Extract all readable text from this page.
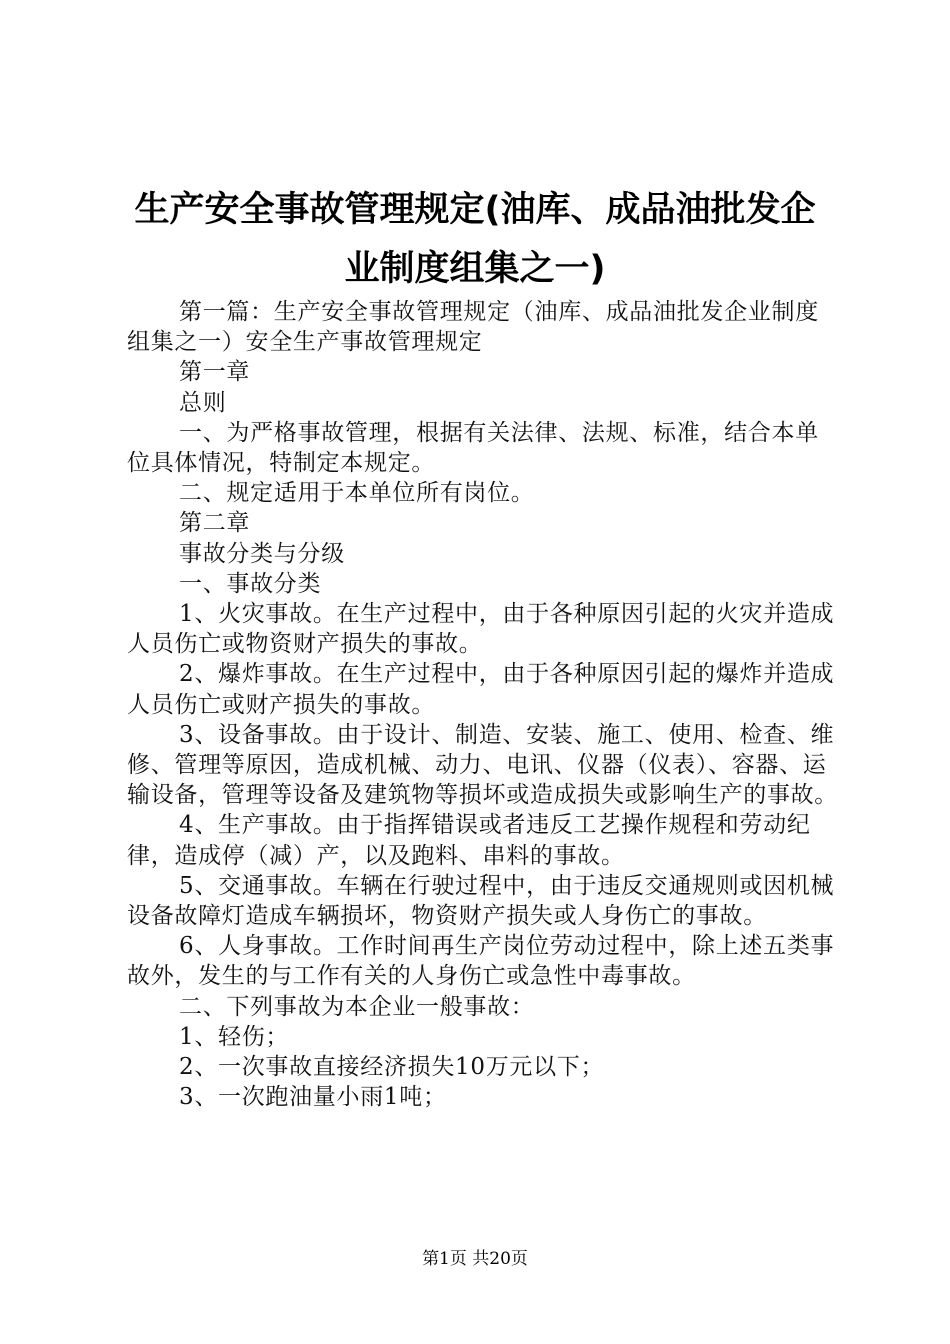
生产安全事故管理规定(油库、成品油批发企
业制度组集之一)

第一篇：生产安全事故管理规定（油库、成品油批发企业制度组集之一）安全生产事故管理规定

第一章

总则

一、为严格事故管理，根据有关法律、法规、标准，结合本单位具体情况，特制定本规定。

二、规定适用于本单位所有岗位。

第二章

事故分类与分级

一、事故分类

1、火灾事故。在生产过程中，由于各种原因引起的火灾并造成人员伤亡或物资财产损失的事故。

2、爆炸事故。在生产过程中，由于各种原因引起的爆炸并造成人员伤亡或财产损失的事故。

3、设备事故。由于设计、制造、安装、施工、使用、检查、维修、管理等原因，造成机械、动力、电讯、仪器（仪表）、容器、运输设备，管理等设备及建筑物等损坏或造成损失或影响生产的事故。

4、生产事故。由于指挥错误或者违反工艺操作规程和劳动纪律，造成停（减）产，以及跑料、串料的事故。

5、交通事故。车辆在行驶过程中，由于违反交通规则或因机械设备故障灯造成车辆损坏，物资财产损失或人身伤亡的事故。

6、人身事故。工作时间再生产岗位劳动过程中，除上述五类事故外，发生的与工作有关的人身伤亡或急性中毒事故。

二、下列事故为本企业一般事故：

1、轻伤；

2、一次事故直接经济损失10万元以下；

3、一次跑油量小雨1吨；

第1页 共20页
